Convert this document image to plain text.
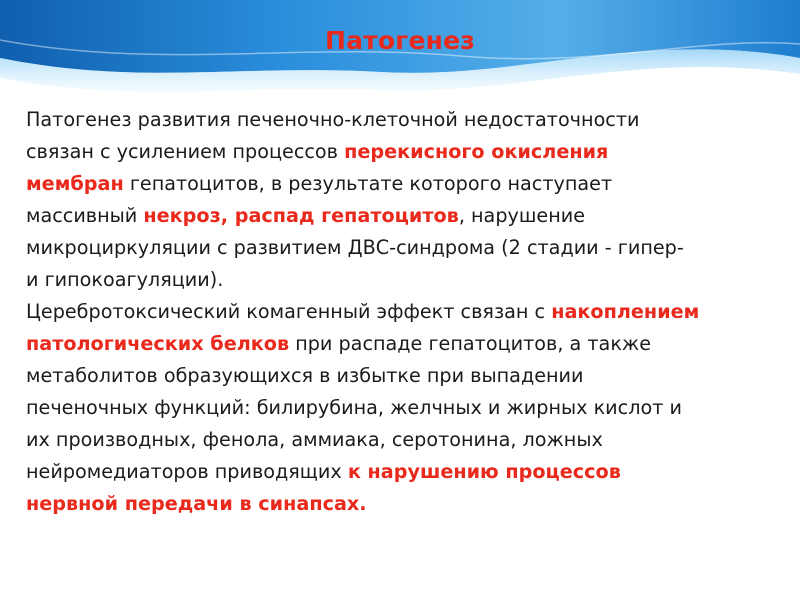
Патогенез

Патогенез развития печеночно-клеточной недостаточности
связан с усилением процессов перекисного окисления
мембран гепатоцитов, в результате которого наступает
массивный некроз, распад гепатоцитов, нарушение
микроциркуляции с развитием ДВС-синдрома (2 стадии - гипер-
и гипокоагуляции).

Церебротоксический комагенный эффект связан с накоплением
патологических белков при распаде гепатоцитов, а также
метаболитов образующихся в избытке при выпадении
печеночных функций: билирубина, желчных и жирных кислот и
их производных, фенола, аммиака, серотонина, ложных
нейромедиаторов приводящих к нарушению процессов
нервной передачи в синапсах.
